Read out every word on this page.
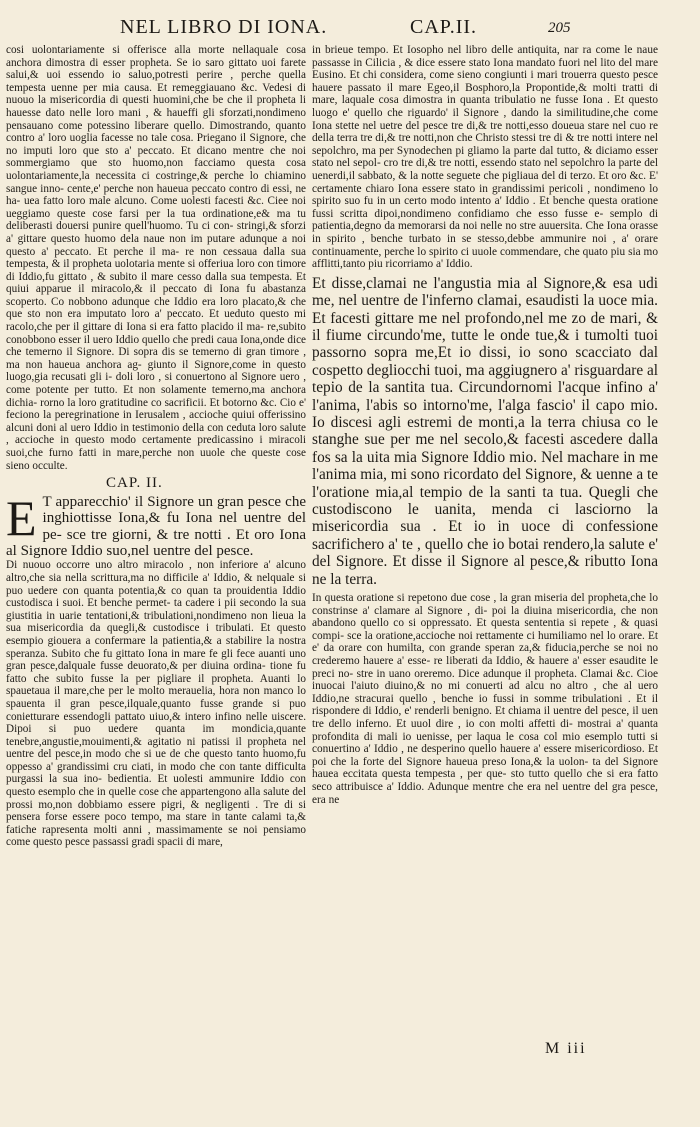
NEL LIBRO DI IONA.	CAP.II.	205

cosi uolontariamente si offerisce alla morte nellaquale cosa anchora dimostra di esser propheta. Se io saro gittato uoi farete salui,& uoi essendo io saluo,potresti perire , perche quella tempesta uenne per mia causa. Et remeggiauano &c. Vedesi di nuouo la misericordia di questi huomini,che be che il propheta li hauesse dato nelle loro mani , & haueffi gli sforzati,nondimeno pensauano come potessino liberare quello. Dimostrando, quanto contro a' loro uoglia facesse no tale cosa. Priegano il Signore, che no imputi loro que sto a' peccato. Et dicano mentre che noi sommergiamo que sto huomo,non facciamo questa cosa uolontariamente,la necessita ci costringe,& perche lo chiamino sangue inno- cente,e' perche non haueua peccato contro di essi, ne ha- uea fatto loro male alcuno. Come uolesti facesti &c. Ciee noi ueggiamo queste cose farsi per la tua ordinatione,e& ma tu deliberasti douersi punire quell'huomo. Tu ci con- stringi,& sforzi a' gittare questo huomo dela naue non im putare adunque a noi questo a' peccato. Et perche il ma- re non cessaua dalla sua tempesta, & il propheta uolotaria mente si offeriua loro con timore di Iddio,fu gittato , & subito il mare cesso dalla sua tempesta. Et quiui apparue il miracolo,& il peccato di Iona fu abastanza scoperto. Co nobbono adunque che Iddio era loro placato,& che que sto non era imputato loro a' peccato. Et ueduto questo mi racolo,che per il gittare di Iona si era fatto placido il ma- re,subito conobbono esser il uero Iddio quello che predi caua Iona,onde dice che temerno il Signore. Di sopra dis se temerno di gran timore , ma non haueua anchora ag- giunto il Signore,come in questo luogo,gia recusati gli i- doli loro , si conuertono al Signore uero , come potente per tutto. Et non solamente temerno,ma anchora dichia- rorno la loro gratitudine co sacrificii. Et botorno &c. Cio e' feciono la peregrinatione in Ierusalem , accioche quiui offerissino alcuni doni al uero Iddio in testimonio della con ceduta loro salute , accioche in questo modo certamente predicassino i miracoli suoi,che furno fatti in mare,perche non uuole che queste cose sieno occulte.

CAP. II.

E T apparecchio' il Signore un gran pesce che inghiottisse Iona,& fu Iona nel uentre del pe- sce tre giorni, & tre notti . Et oro Iona al Signore Iddio suo,nel uentre del pesce.

Di nuouo occorre uno altro miracolo , non inferiore a' alcuno altro,che sia nella scrittura,ma no difficile a' Iddio, & nelquale si puo uedere con quanta potentia,& co quan ta prouidentia Iddio custodisca i suoi. Et benche permet- ta cadere i pii secondo la sua giustitia in uarie tentationi,& tribulationi,nondimeno non lieua la sua misericordia da quegli,& custodisce i tribulati. Et questo esempio giouera a confermare la patientia,& a stabilire la nostra speranza. Subito che fu gittato Iona in mare fe gli fece auanti uno gran pesce,dalquale fusse deuorato,& per diuina ordina- tione fu fatto che subito fusse la per pigliare il propheta. Auanti lo spauetaua il mare,che per le molto merauelia, hora non manco lo spauenta il gran pesce,ilquale,quanto fusse grande si puo conietturare essendogli pattato uiuo,& intero infino nelle uiscere. Dipoi si puo uedere quanta im mondicia,quante tenebre,angustie,mouimenti,& agitatio ni patissi il propheta nel uentre del pesce,in modo che si ue de che questo tanto huomo,fu oppesso a' grandissimi cru ciati, in modo che con tante difficulta purgassi la sua ino- bedientia. Et uolesti ammunire Iddio con questo esemplo che in quelle cose che appartengono alla salute del prossi mo,non dobbiamo essere pigri, & negligenti . Tre di si pensera forse essere poco tempo, ma stare in tante calami ta,& fatiche rapresenta molti anni , massimamente se noi pensiamo come questo pesce passassi gradi spacii di mare,

in brieue tempo. Et Iosopho nel libro delle antiquita, nar ra come le naue passasse in Cilicia , & dice essere stato Iona mandato fuori nel lito del mare Eusino. Et chi considera, come sieno congiunti i mari trouerra questo pesce hauere passato il mare Egeo,il Bosphoro,la Propontide,& molti tratti di mare, laquale cosa dimostra in quanta tribulatio ne fusse Iona . Et questo luogo e' quello che riguardo' il Signore , dando la similitudine,che come Iona stette nel uetre del pesce tre di,& tre notti,esso doueua stare nel cuo re della terra tre di,& tre notti,non che Christo stessi tre di & tre notti intere nel sepolchro, ma per Synodechen pi gliamo la parte dal tutto, & diciamo esser stato nel sepol- cro tre di,& tre notti, essendo stato nel sepolchro la parte del uenerdi,il sabbato, & la notte seguete che pigliaua del di terzo. Et oro &c. E' certamente chiaro Iona essere stato in grandissimi pericoli , nondimeno lo spirito suo fu in un certo modo intento a' Iddio . Et benche questa oratione fussi scritta dipoi,nondimeno confidiamo che esso fusse e- semplo di patientia,degno da memorarsi da noi nelle no stre auuersita. Che Iona orasse in spirito , benche turbato in se stesso,debbe ammunire noi , a' orare continuamente, perche lo spirito ci uuole commendare, che quato piu sia mo afflitti,tanto piu ricorriamo a' Iddio.

Et disse,clamai ne l'angustia mia al Signore,& esa udi me, nel uentre de l'inferno clamai, esaudisti la uoce mia. Et facesti gittare me nel profondo,nel me zo de mari, & il fiume circundo'me, tutte le onde tue,& i tumolti tuoi passorno sopra me,Et io dissi, io sono scacciato dal cospetto degliocchi tuoi, ma aggiugnero a' risguardare al tepio de la santita tua. Circundornomi l'acque infino a' l'anima, l'abis so intorno'me, l'alga fascio' il capo mio. Io discesi agli estremi de monti,a la terra chiusa co le stanghe sue per me nel secolo,& facesti ascedere dalla fos sa la uita mia Signore Iddio mio. Nel machare in me l'anima mia, mi sono ricordato del Signore, & uenne a te l'oratione mia,al tempio de la santi ta tua. Quegli che custodiscono le uanita, menda ci lasciorno la misericordia sua . Et io in uoce di confessione sacrifichero a' te , quello che io botai rendero,la salute e' del Signore. Et disse il Signore al pesce,& ributto Iona ne la terra.

In questa oratione si repetono due cose , la gran miseria del propheta,che lo constrinse a' clamare al Signore , di- poi la diuina misericordia, che non abandono quello co si oppressato. Et questa sententia si repete , & quasi compi- sce la oratione,accioche noi rettamente ci humiliamo nel lo orare. Et e' da orare con humilta, con grande speran za,& fiducia,perche se noi no crederemo hauere a' esse- re liberati da Iddio, & hauere a' esser esaudite le preci no- stre in uano oreremo. Dice adunque il propheta. Clamai &c. Cioe inuocai l'aiuto diuino,& no mi conuerti ad alcu no altro , che al uero Iddio,ne stracurai quello , benche io fussi in somme tribulationi . Et il rispondere di Iddio, e' renderli benigno. Et chiama il uentre del pesce, il uen tre dello inferno. Et uuol dire , io con molti affetti di- mostrai a' quanta profondita di mali io uenisse, per laqua le cosa col mio esemplo tutti si conuertino a' Iddio , ne desperino quello hauere a' essere misericordioso. Et poi che la forte del Signore haueua preso Iona,& la uolon- ta del Signore hauea eccitata questa tempesta , per que- sto tutto quello che si era fatto seco attribuisce a' Iddio. Adunque mentre che era nel uentre del gra pesce, era ne

M iii
